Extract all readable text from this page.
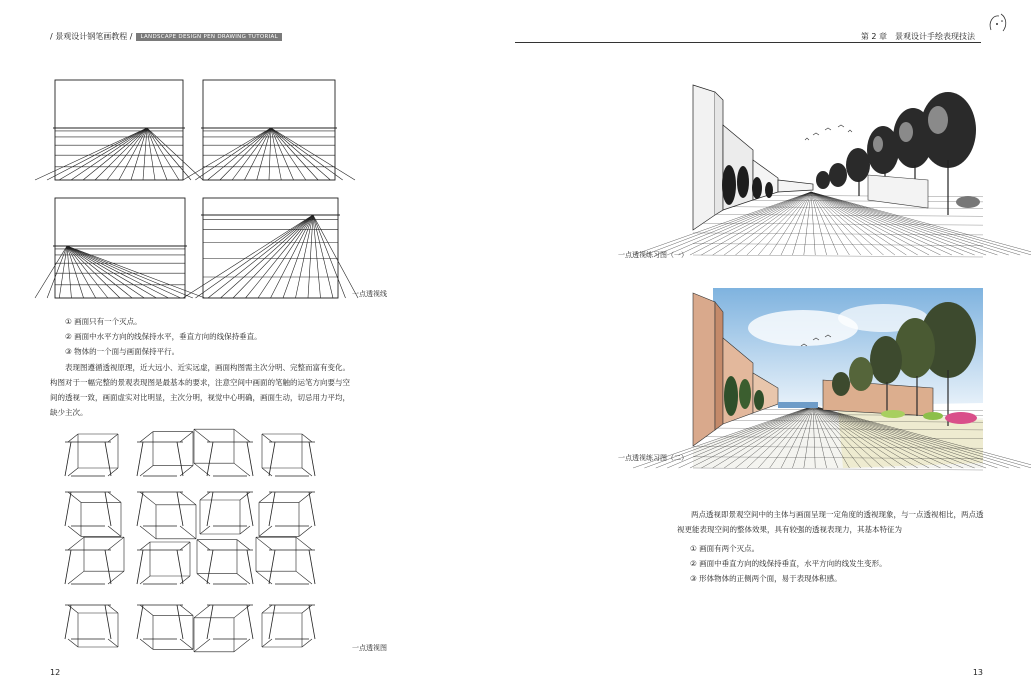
/ 景观设计钢笔画教程 /	LANDSCAPE DESIGN PEN DRAWING TUTORIAL
一点透视线
① 画面只有一个灭点。
② 画面中水平方向的线保持水平，垂直方向的线保持垂直。
③ 物体的一个面与画面保持平行。

表现图遵循透视原理，近大远小、近实远虚，画面构图需主次分明、完整而富有变化。构图对于一幅完整的景观表现图是最基本的要求，注意空间中画面的笔触的运笔方向要与空间的透视一致，画面虚实对比明显，主次分明，视觉中心明确，画面生动，切忌用力平均，缺少主次。

一点透视图
12
第 2 章　景观设计手绘表现技法
一点透视练习图（一）
一点透视练习图（二）

两点透视即景观空间中的主体与画面呈现一定角度的透视现象，与一点透视相比，两点透视更能表现空间的整体效果，具有较强的透视表现力，其基本特征为

① 画面有两个灭点。
② 画面中垂直方向的线保持垂直，水平方向的线发生变形。
③ 形体物体的正侧两个面，易于表现体积感。
13
